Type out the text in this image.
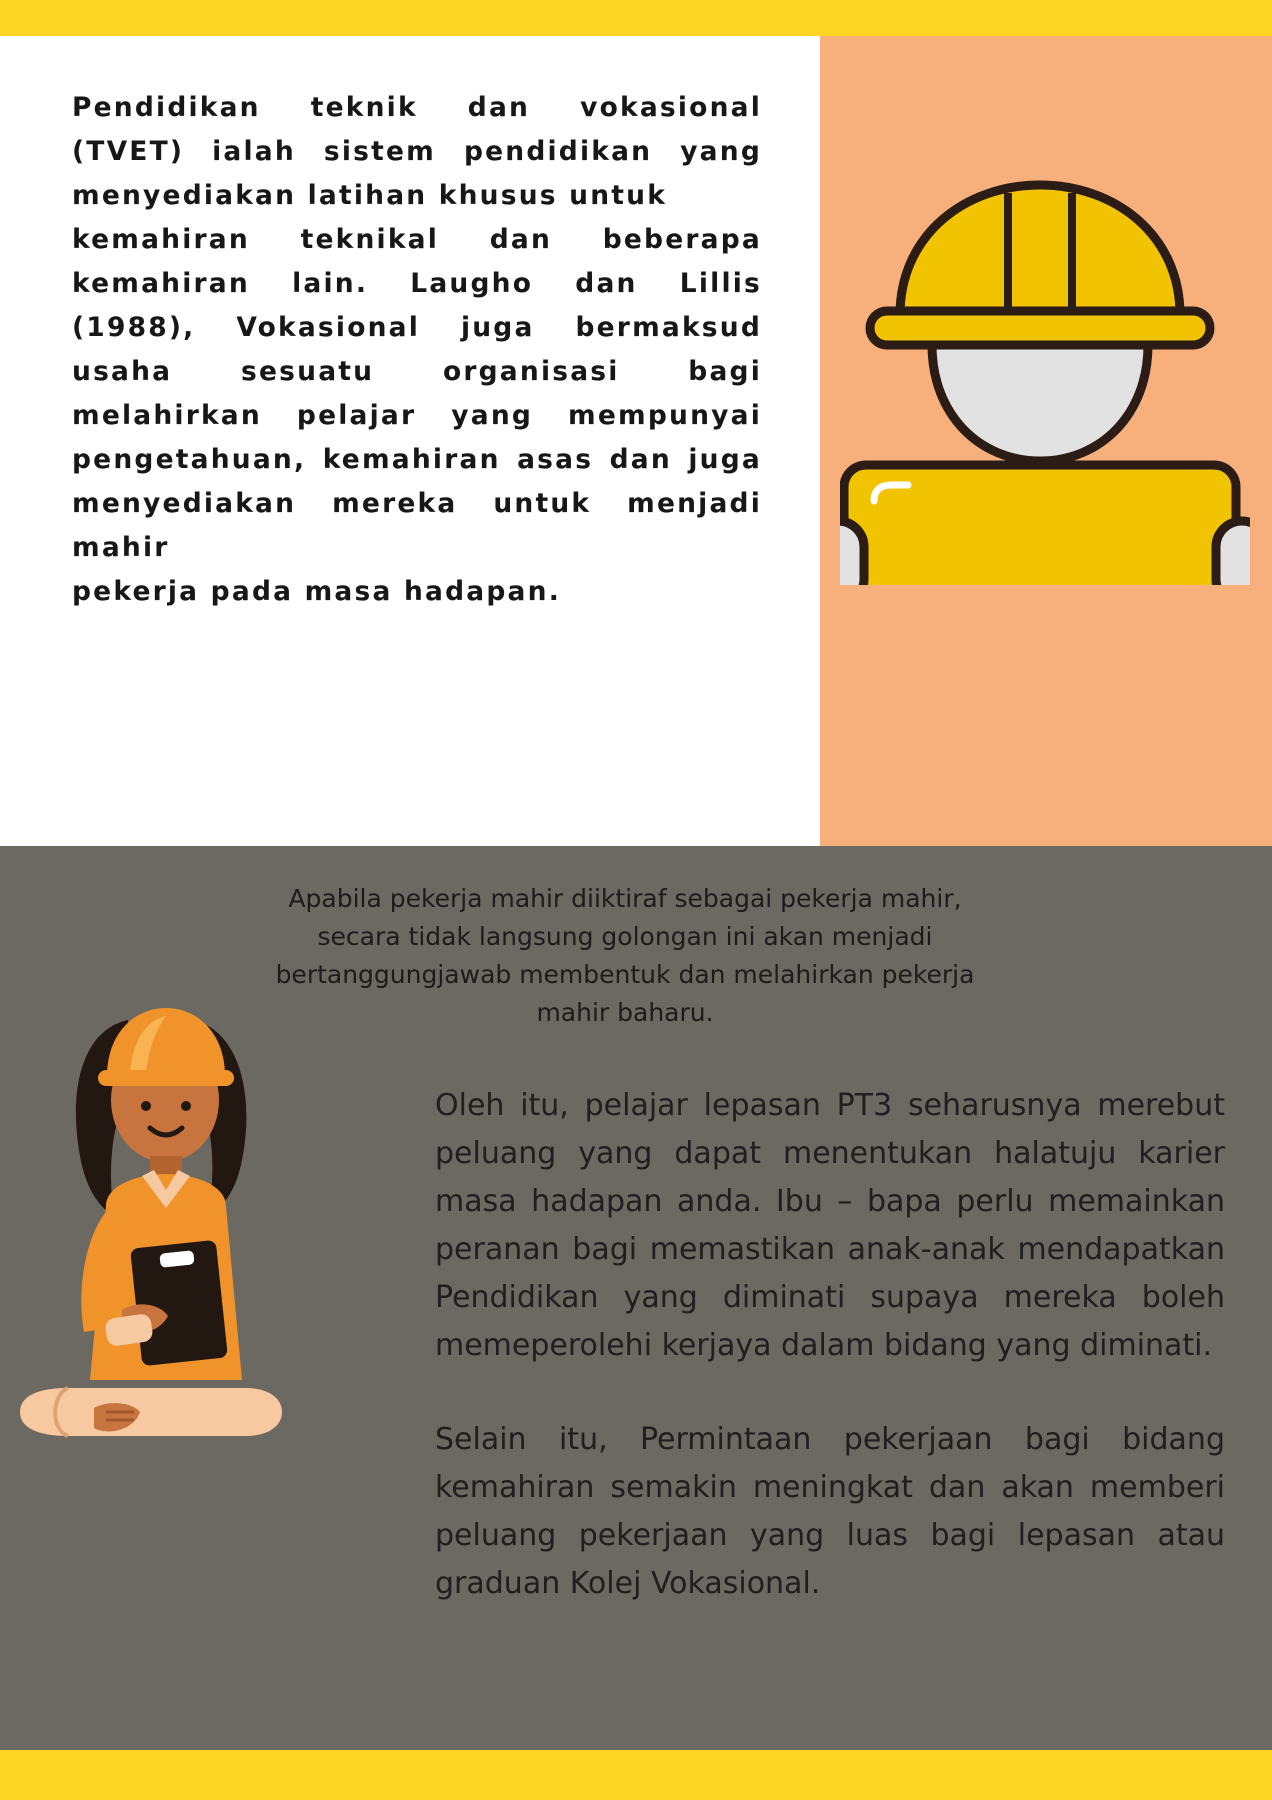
Pendidikan teknik dan vokasional (TVET) ialah sistem pendidikan yang menyediakan latihan khusus untuk
kemahiran teknikal dan beberapa kemahiran lain. Laugho dan Lillis (1988), Vokasional juga bermaksud usaha sesuatu organisasi bagi melahirkan pelajar yang mempunyai pengetahuan, kemahiran asas dan juga menyediakan mereka untuk menjadi mahir
pekerja pada masa hadapan.
Apabila pekerja mahir diiktiraf sebagai pekerja mahir, secara tidak langsung golongan ini akan menjadi bertanggungjawab membentuk dan melahirkan pekerja mahir baharu.

Oleh itu, pelajar lepasan PT3 seharusnya merebut peluang yang dapat menentukan halatuju karier masa hadapan anda. Ibu – bapa perlu memainkan peranan bagi memastikan anak-anak mendapatkan Pendidikan yang diminati supaya mereka boleh memeperolehi kerjaya dalam bidang yang diminati.

Selain itu, Permintaan pekerjaan bagi bidang kemahiran semakin meningkat dan akan memberi peluang pekerjaan yang luas bagi lepasan atau graduan Kolej Vokasional.
